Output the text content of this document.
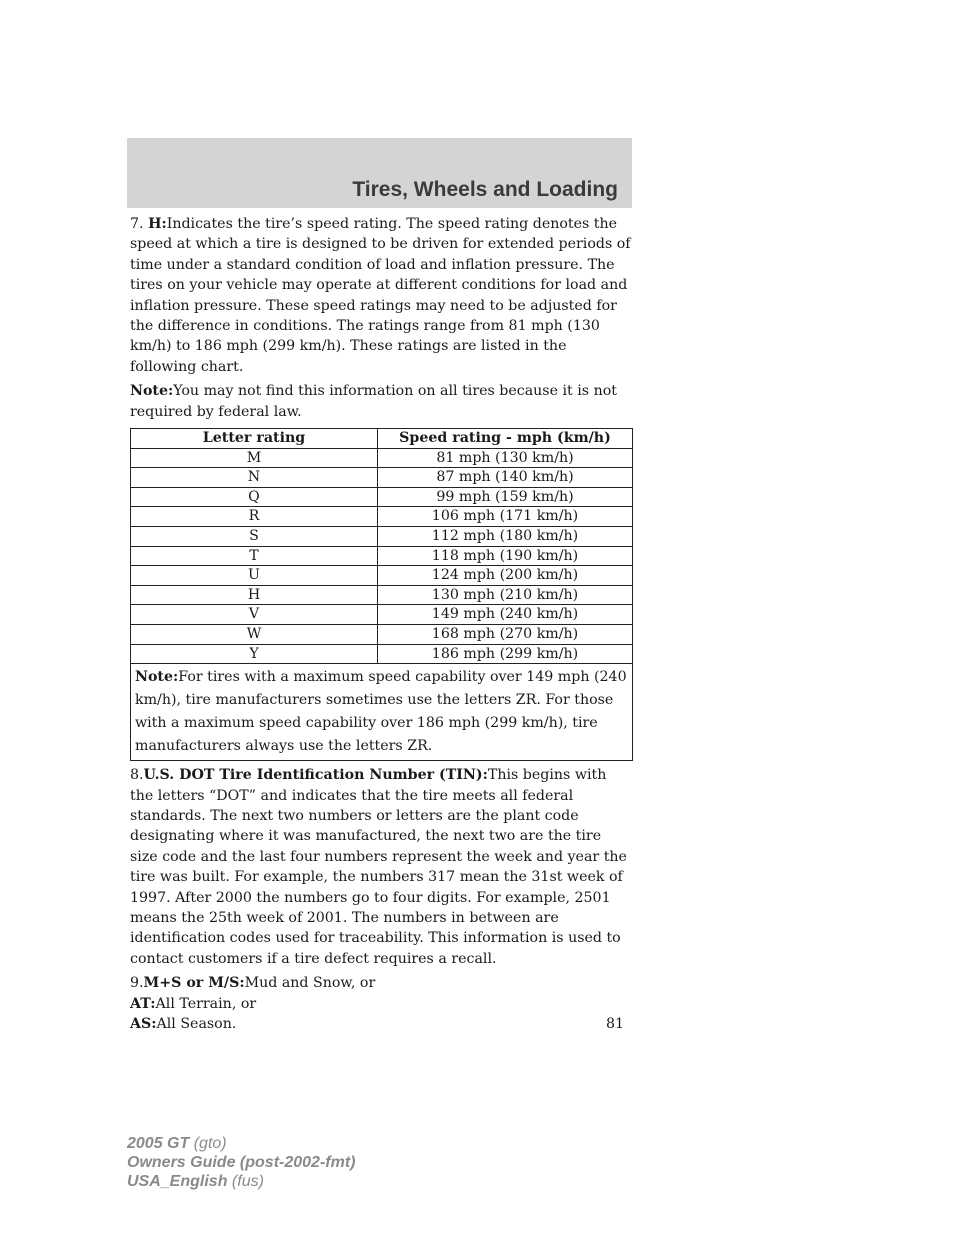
Tires, Wheels and Loading

7. H:Indicates the tire’s speed rating. The speed rating denotes the speed at which a tire is designed to be driven for extended periods of time under a standard condition of load and inflation pressure. The tires on your vehicle may operate at different conditions for load and inflation pressure. These speed ratings may need to be adjusted for the difference in conditions. The ratings range from 81 mph (130 km/h) to 186 mph (299 km/h). These ratings are listed in the following chart.

Note:You may not find this information on all tires because it is not required by federal law.

Letter rating	Speed rating - mph (km/h)
M	81 mph (130 km/h)
N	87 mph (140 km/h)
Q	99 mph (159 km/h)
R	106 mph (171 km/h)
S	112 mph (180 km/h)
T	118 mph (190 km/h)
U	124 mph (200 km/h)
H	130 mph (210 km/h)
V	149 mph (240 km/h)
W	168 mph (270 km/h)
Y	186 mph (299 km/h)
Note:For tires with a maximum speed capability over 149 mph (240 km/h), tire manufacturers sometimes use the letters ZR. For those with a maximum speed capability over 186 mph (299 km/h), tire manufacturers always use the letters ZR.	

8.U.S. DOT Tire Identification Number (TIN):This begins with the letters “DOT” and indicates that the tire meets all federal standards. The next two numbers or letters are the plant code designating where it was manufactured, the next two are the tire size code and the last four numbers represent the week and year the tire was built. For example, the numbers 317 mean the 31st week of 1997. After 2000 the numbers go to four digits. For example, 2501 means the 25th week of 2001. The numbers in between are identification codes used for traceability. This information is used to contact customers if a tire defect requires a recall.

9.M+S or M/S:Mud and Snow, or
AT:All Terrain, or
AS:All Season.	81
2005 GT (gto)
Owners Guide (post-2002-fmt)
USA_English (fus)
